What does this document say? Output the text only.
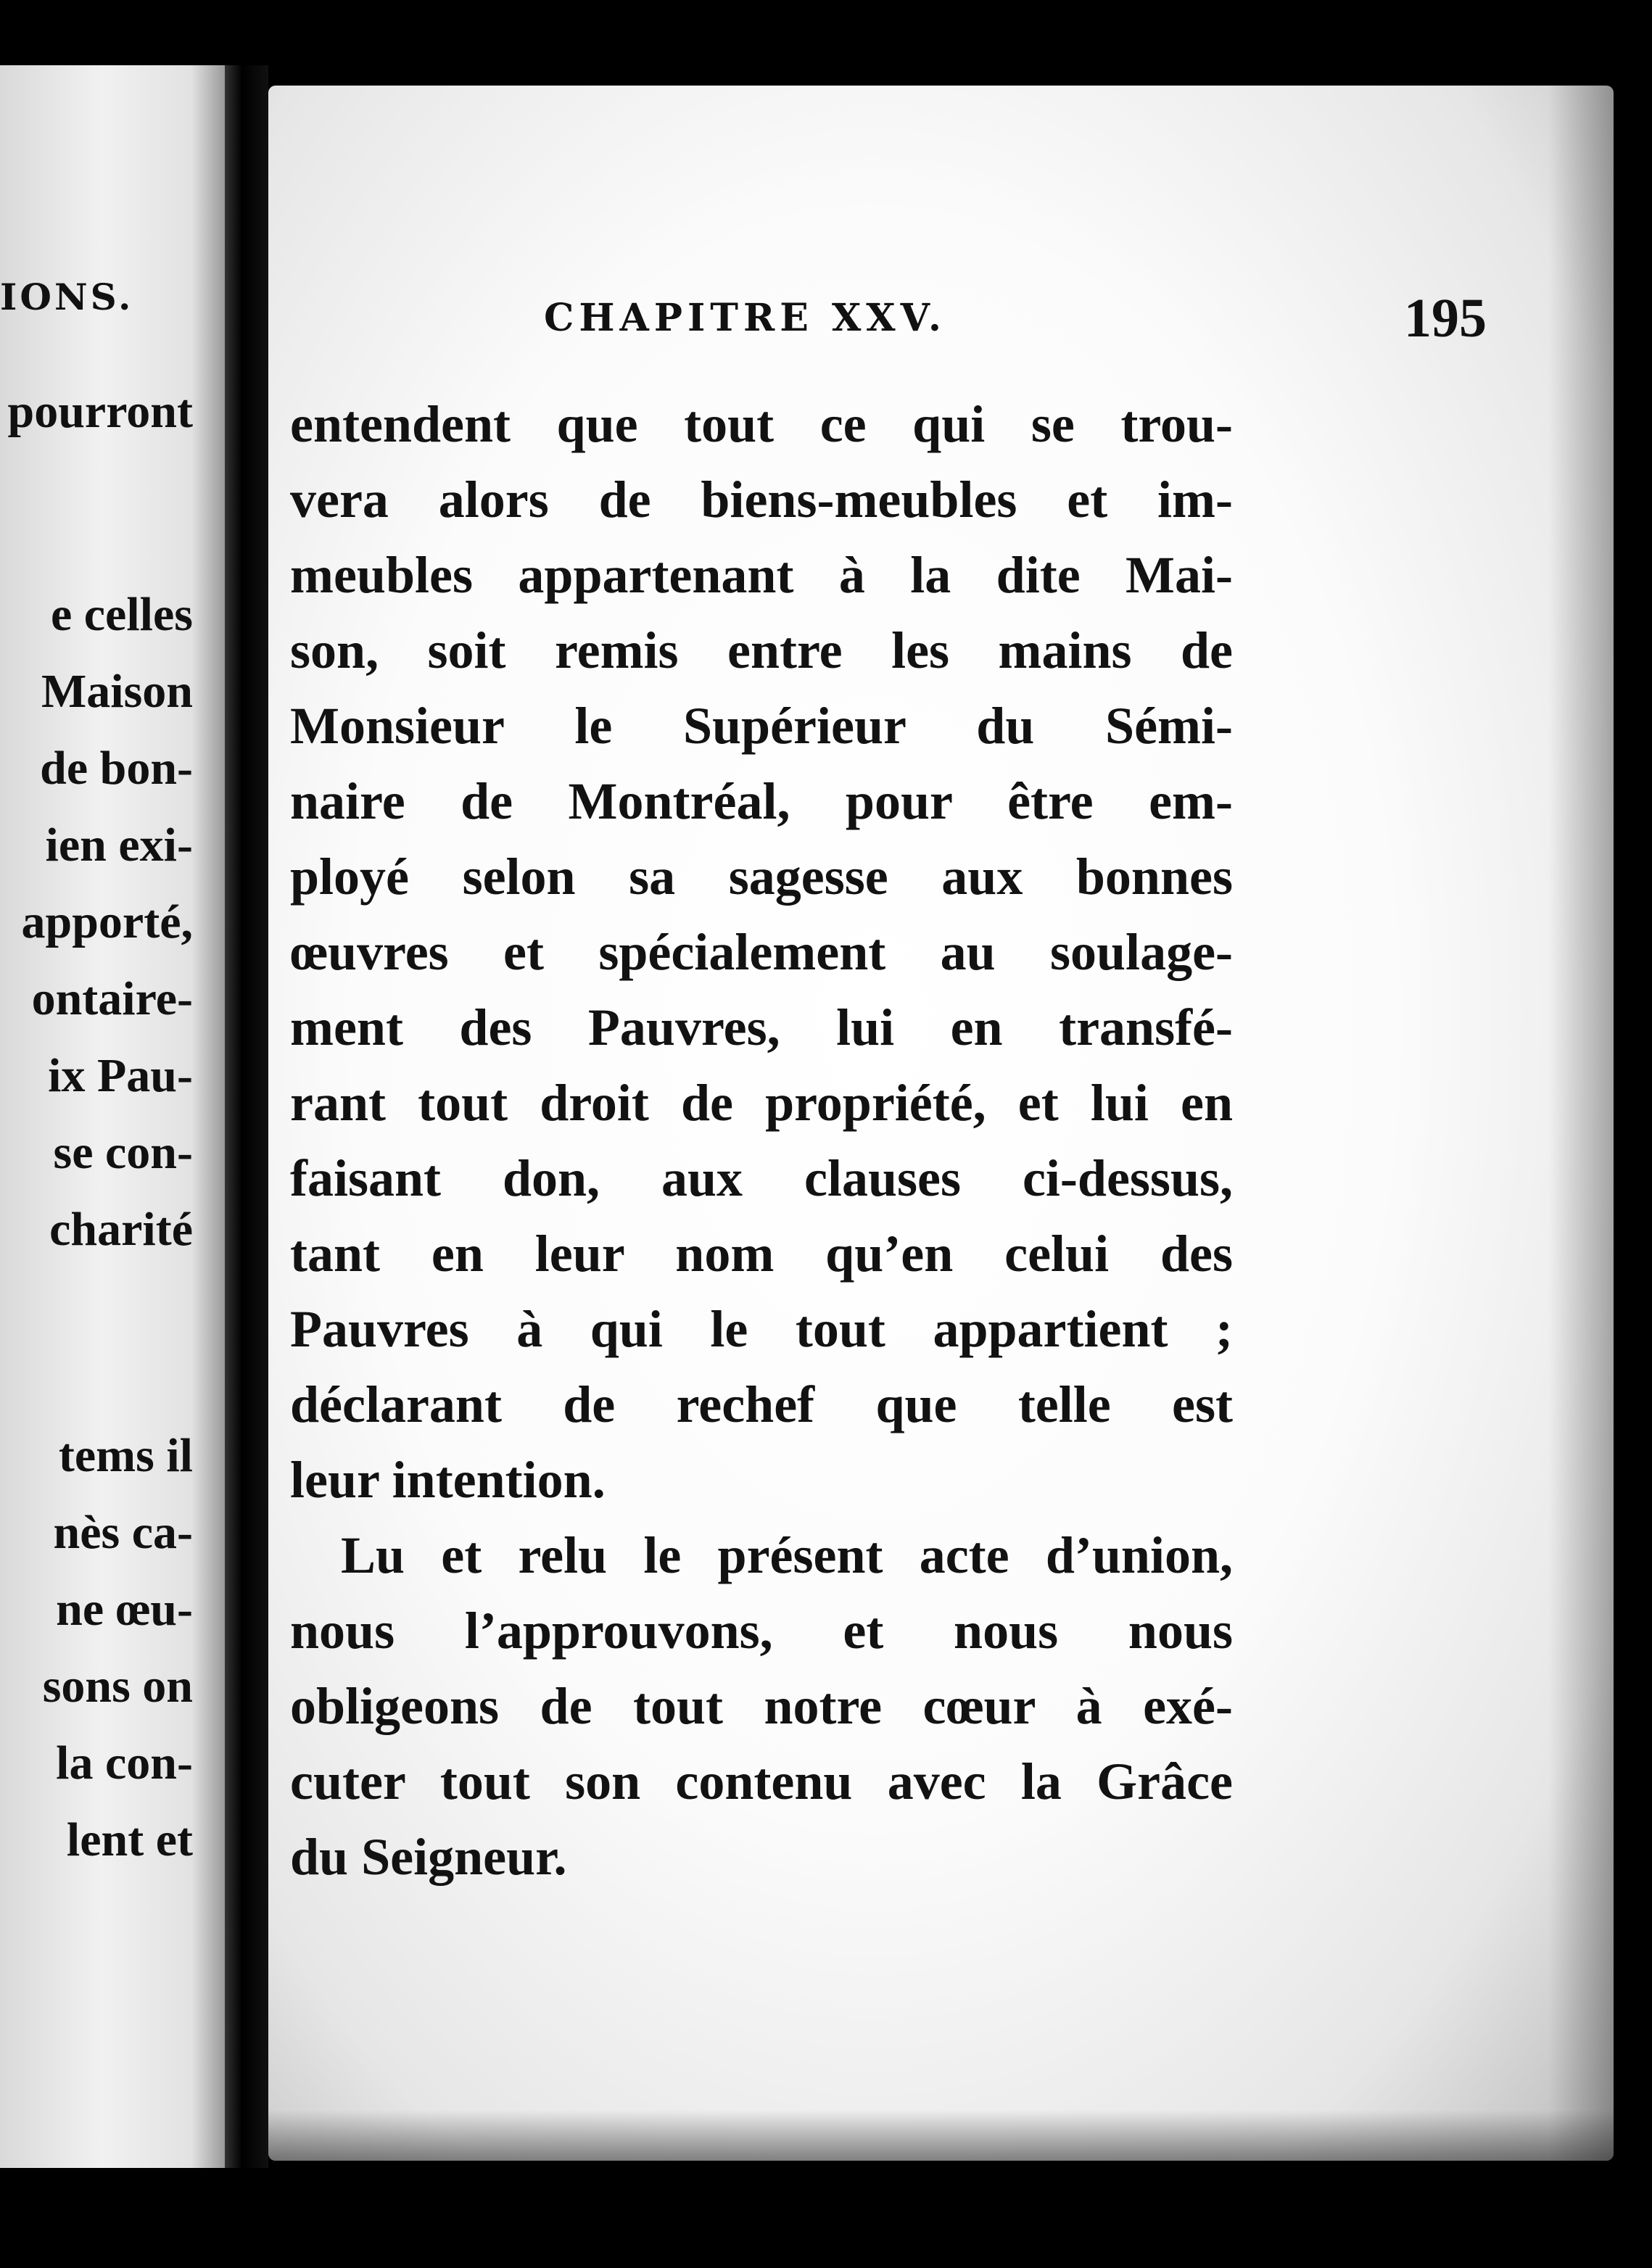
IONS.
pourront
e celles
Maison
de bon-
ien exi-
apporté,
ontaire-
ix Pau-
se con-
charité
tems il
nès ca-
ne œu-
sons on
la con-
lent et
CHAPITRE XXV.	195
entendent que tout ce qui se trou-
vera alors de biens-meubles et im-
meubles appartenant à la dite Mai-
son, soit remis entre les mains de
Monsieur le Supérieur du Sémi-
naire de Montréal, pour être em-
ployé selon sa sagesse aux bonnes
œuvres et spécialement au soulage-
ment des Pauvres, lui en transfé-
rant tout droit de propriété, et lui en
faisant don, aux clauses ci-dessus,
tant en leur nom qu’en celui des
Pauvres à qui le tout appartient ;
déclarant de rechef que telle est
leur intention.
Lu et relu le présent acte d’union,
nous l’approuvons, et nous nous
obligeons de tout notre cœur à exé-
cuter tout son contenu avec la Grâce
du Seigneur.
